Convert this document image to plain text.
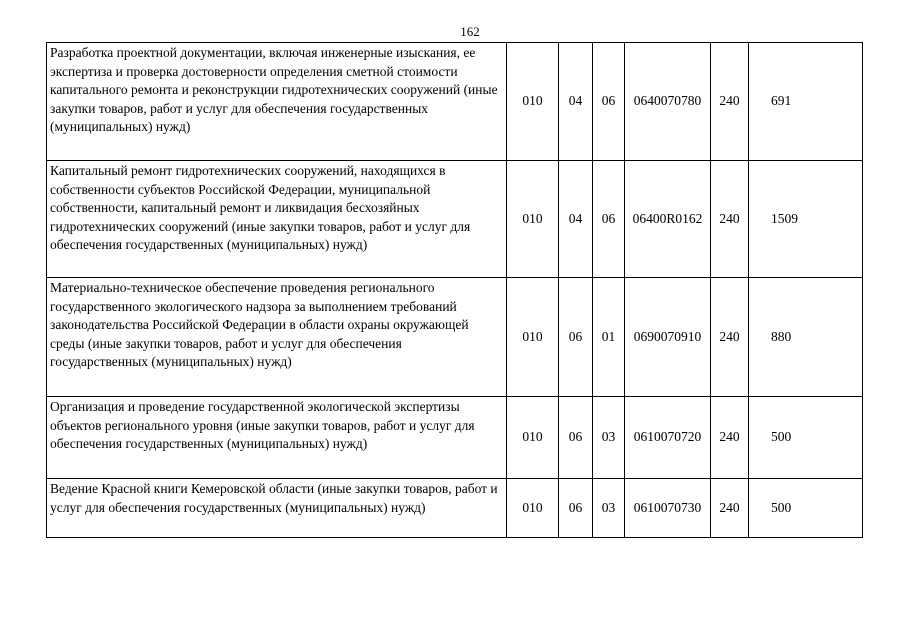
162
Разработка проектной документации, включая инженерные изыскания, ее экспертиза и проверка достоверности определения сметной стоимости капитального ремонта и реконструкции гидротехнических сооружений (иные закупки товаров, работ и услуг для обеспечения государственных (муниципальных) нужд)	010	04	06	0640070780	240	691
Капитальный ремонт гидротехнических сооружений, находящихся в собственности субъектов Российской Федерации, муниципальной собственности, капитальный ремонт и ликвидация бесхозяйных гидротехнических сооружений (иные закупки товаров, работ и услуг для обеспечения государственных (муниципальных) нужд)	010	04	06	06400R0162	240	1509
Материально-техническое обеспечение проведения регионального государственного экологического надзора за выполнением требований законодательства Российской Федерации в области охраны окружающей среды (иные закупки товаров, работ и услуг для обеспечения государственных (муниципальных) нужд)	010	06	01	0690070910	240	880
Организация и проведение государственной экологической экспертизы объектов регионального уровня (иные закупки товаров, работ и услуг для обеспечения государственных (муниципальных) нужд)	010	06	03	0610070720	240	500
Ведение Красной книги Кемеровской области (иные закупки товаров, работ и услуг для обеспечения государственных (муниципальных) нужд)	010	06	03	0610070730	240	500
